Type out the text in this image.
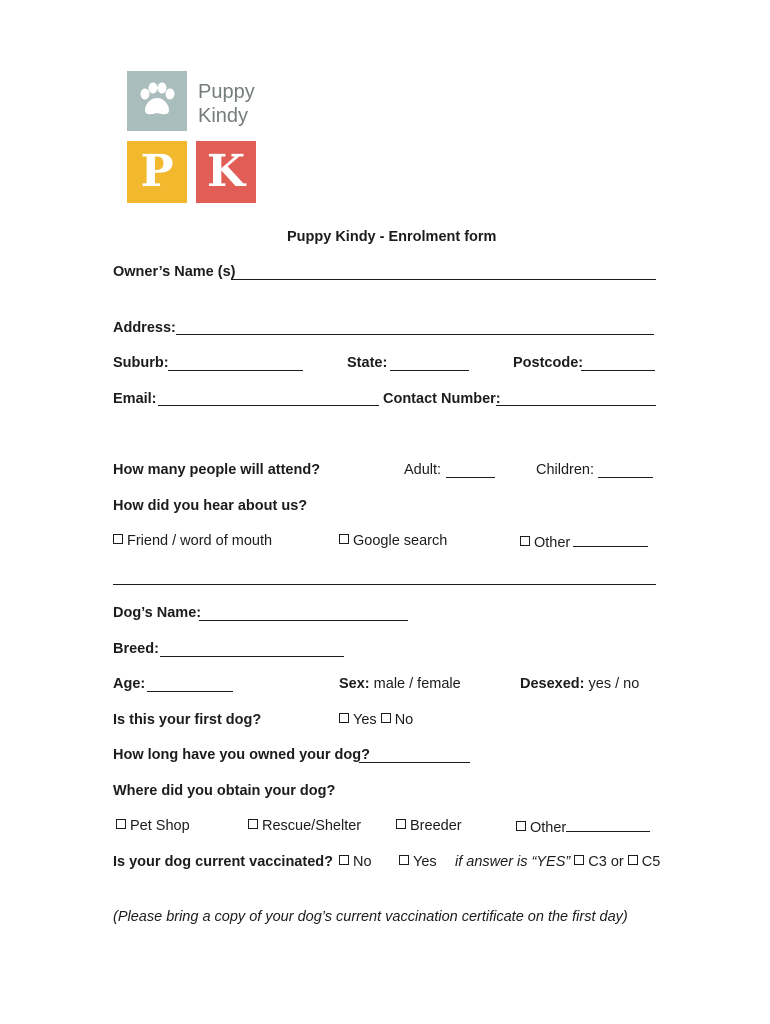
Puppy
Kindy
P K
Puppy Kindy - Enrolment form
Owner’s Name (s)
Address:
Suburb:	State:	Postcode:
Email:	Contact Number:
How many people will attend?	Adult:	Children:
How did you hear about us?
Friend / word of mouth	Google search	Other
Dog’s Name:
Breed:
Age:	Sex: male / female	Desexed: yes / no
Is this your first dog?	Yes No
How long have you owned your dog?
Where did you obtain your dog?
Pet Shop	Rescue/Shelter	Breeder	Other
Is your dog current vaccinated?	No	Yes if answer is “YES” C3 or C5
(Please bring a copy of your dog’s current vaccination certificate on the first day)
